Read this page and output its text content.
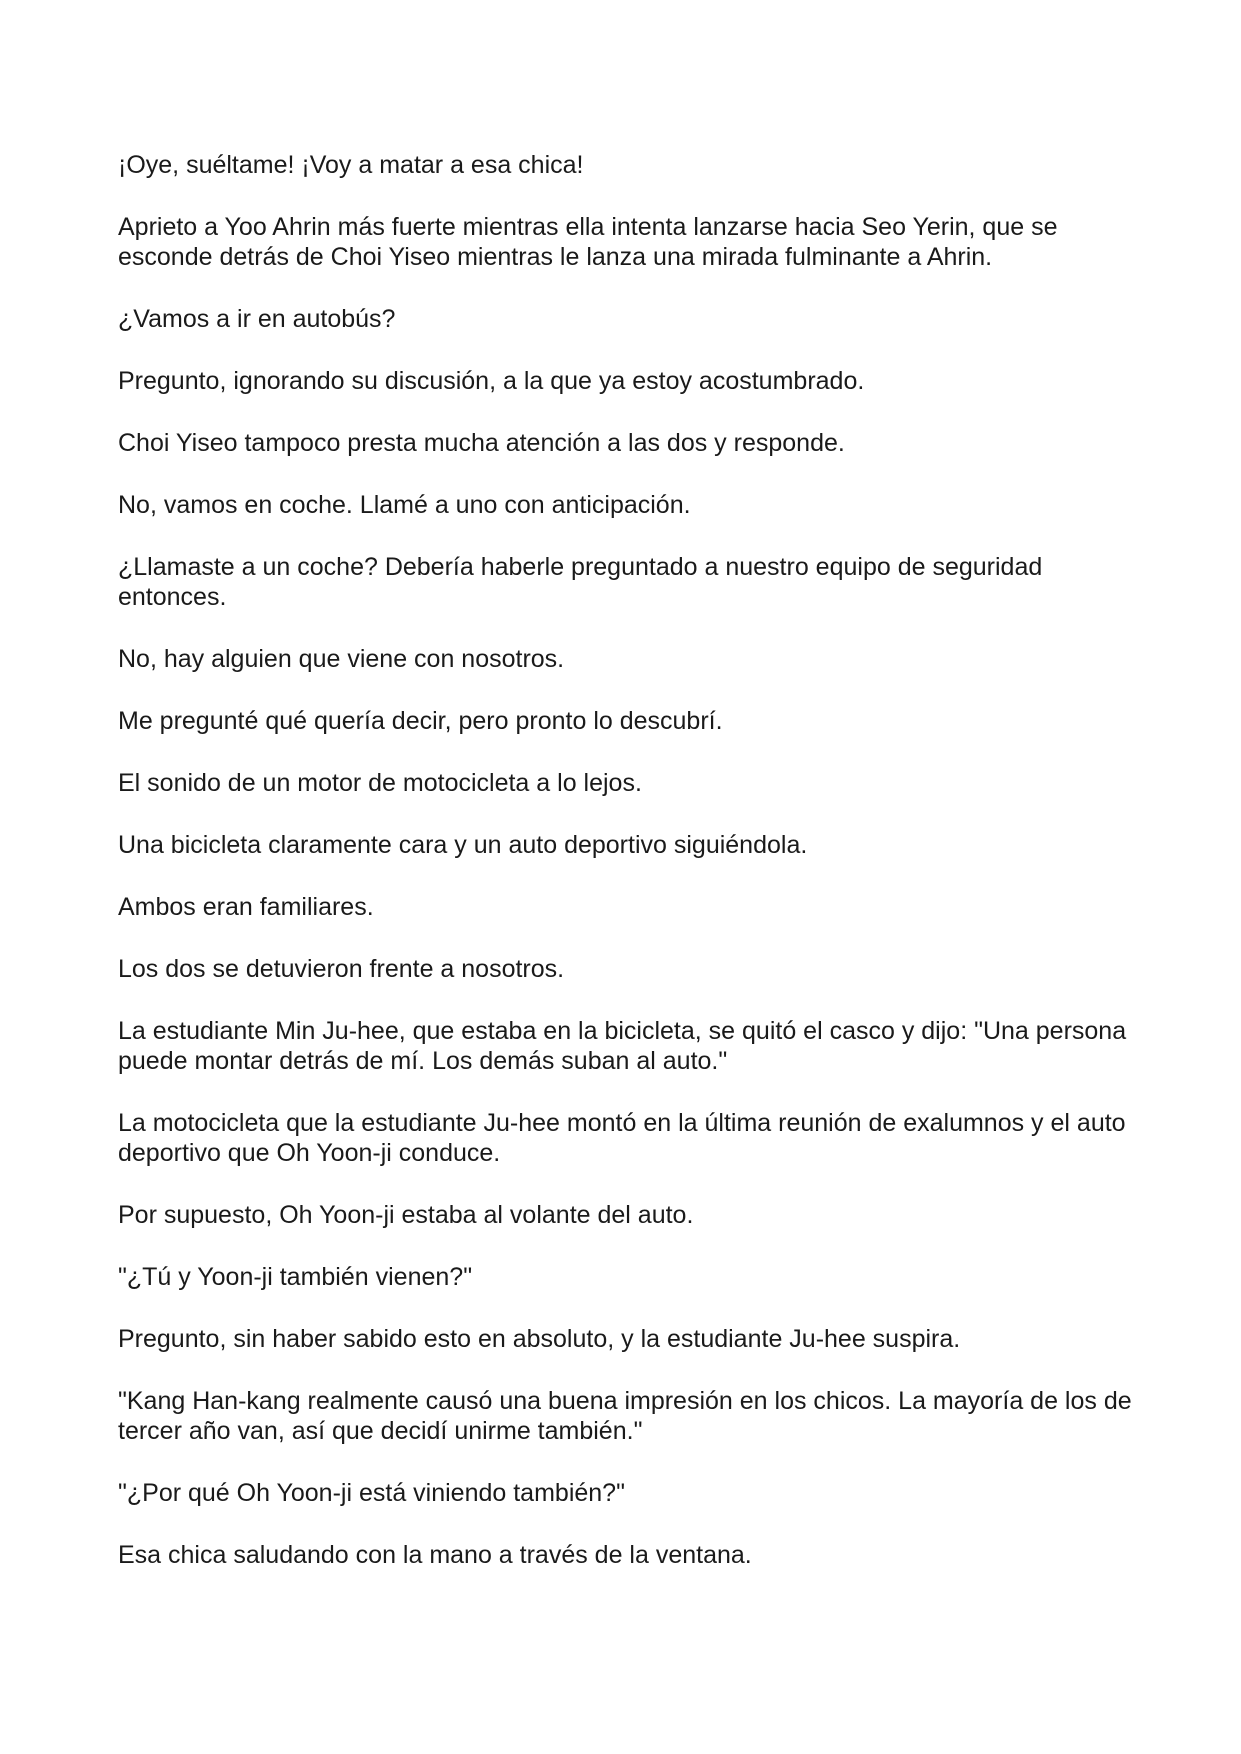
¡Oye, suéltame! ¡Voy a matar a esa chica!

Aprieto a Yoo Ahrin más fuerte mientras ella intenta lanzarse hacia Seo Yerin, que se esconde detrás de Choi Yiseo mientras le lanza una mirada fulminante a Ahrin.

¿Vamos a ir en autobús?

Pregunto, ignorando su discusión, a la que ya estoy acostumbrado.

Choi Yiseo tampoco presta mucha atención a las dos y responde.

No, vamos en coche. Llamé a uno con anticipación.

¿Llamaste a un coche? Debería haberle preguntado a nuestro equipo de seguridad entonces.

No, hay alguien que viene con nosotros.

Me pregunté qué quería decir, pero pronto lo descubrí.

El sonido de un motor de motocicleta a lo lejos.

Una bicicleta claramente cara y un auto deportivo siguiéndola.

Ambos eran familiares.

Los dos se detuvieron frente a nosotros.

La estudiante Min Ju-hee, que estaba en la bicicleta, se quitó el casco y dijo: "Una persona puede montar detrás de mí. Los demás suban al auto."

La motocicleta que la estudiante Ju-hee montó en la última reunión de exalumnos y el auto deportivo que Oh Yoon-ji conduce.

Por supuesto, Oh Yoon-ji estaba al volante del auto.

"¿Tú y Yoon-ji también vienen?"

Pregunto, sin haber sabido esto en absoluto, y la estudiante Ju-hee suspira.

"Kang Han-kang realmente causó una buena impresión en los chicos. La mayoría de los de tercer año van, así que decidí unirme también."

"¿Por qué Oh Yoon-ji está viniendo también?"

Esa chica saludando con la mano a través de la ventana.
